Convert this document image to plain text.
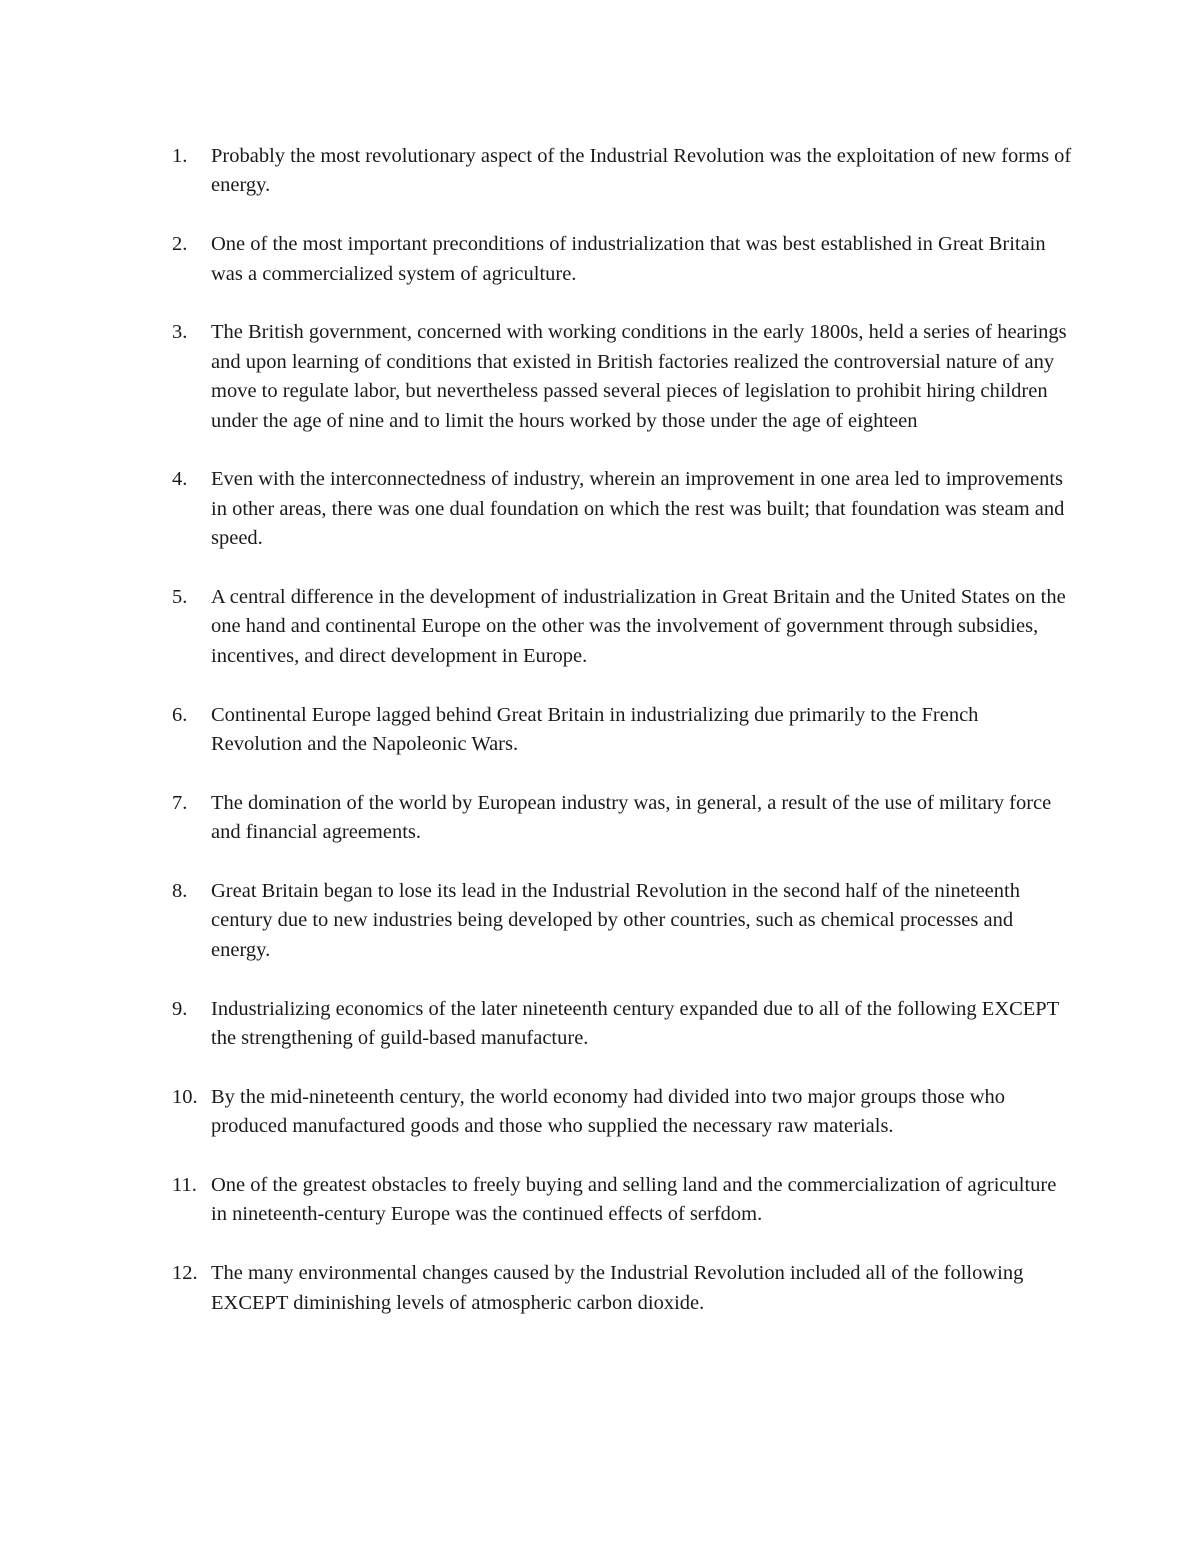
1.	Probably the most revolutionary aspect of the Industrial Revolution was the exploitation of new forms of energy.
2.	One of the most important preconditions of industrialization that was best established in Great Britain was a commercialized system of agriculture.
3.	The British government, concerned with working conditions in the early 1800s, held a series of hearings and upon learning of conditions that existed in British factories realized the controversial nature of any move to regulate labor, but nevertheless passed several pieces of legislation to prohibit hiring children under the age of nine and to limit the hours worked by those under the age of eighteen
4.	Even with the interconnectedness of industry, wherein an improvement in one area led to improvements in other areas, there was one dual foundation on which the rest was built; that foundation was steam and speed.
5.	A central difference in the development of industrialization in Great Britain and the United States on the one hand and continental Europe on the other was the involvement of government through subsidies, incentives, and direct development in Europe.
6.	Continental Europe lagged behind Great Britain in industrializing due primarily to the French Revolution and the Napoleonic Wars.
7.	The domination of the world by European industry was, in general, a result of the use of military force and financial agreements.
8.	Great Britain began to lose its lead in the Industrial Revolution in the second half of the nineteenth century due to new industries being developed by other countries, such as chemical processes and energy.
9.	Industrializing economics of the later nineteenth century expanded due to all of the following EXCEPT the strengthening of guild-based manufacture.
10. By the mid-nineteenth century, the world economy had divided into two major groups those who produced manufactured goods and those who supplied the necessary raw materials.
11. One of the greatest obstacles to freely buying and selling land and the commercialization of agriculture in nineteenth-century Europe was the continued effects of serfdom.
12. The many environmental changes caused by the Industrial Revolution included all of the following EXCEPT diminishing levels of atmospheric carbon dioxide.
